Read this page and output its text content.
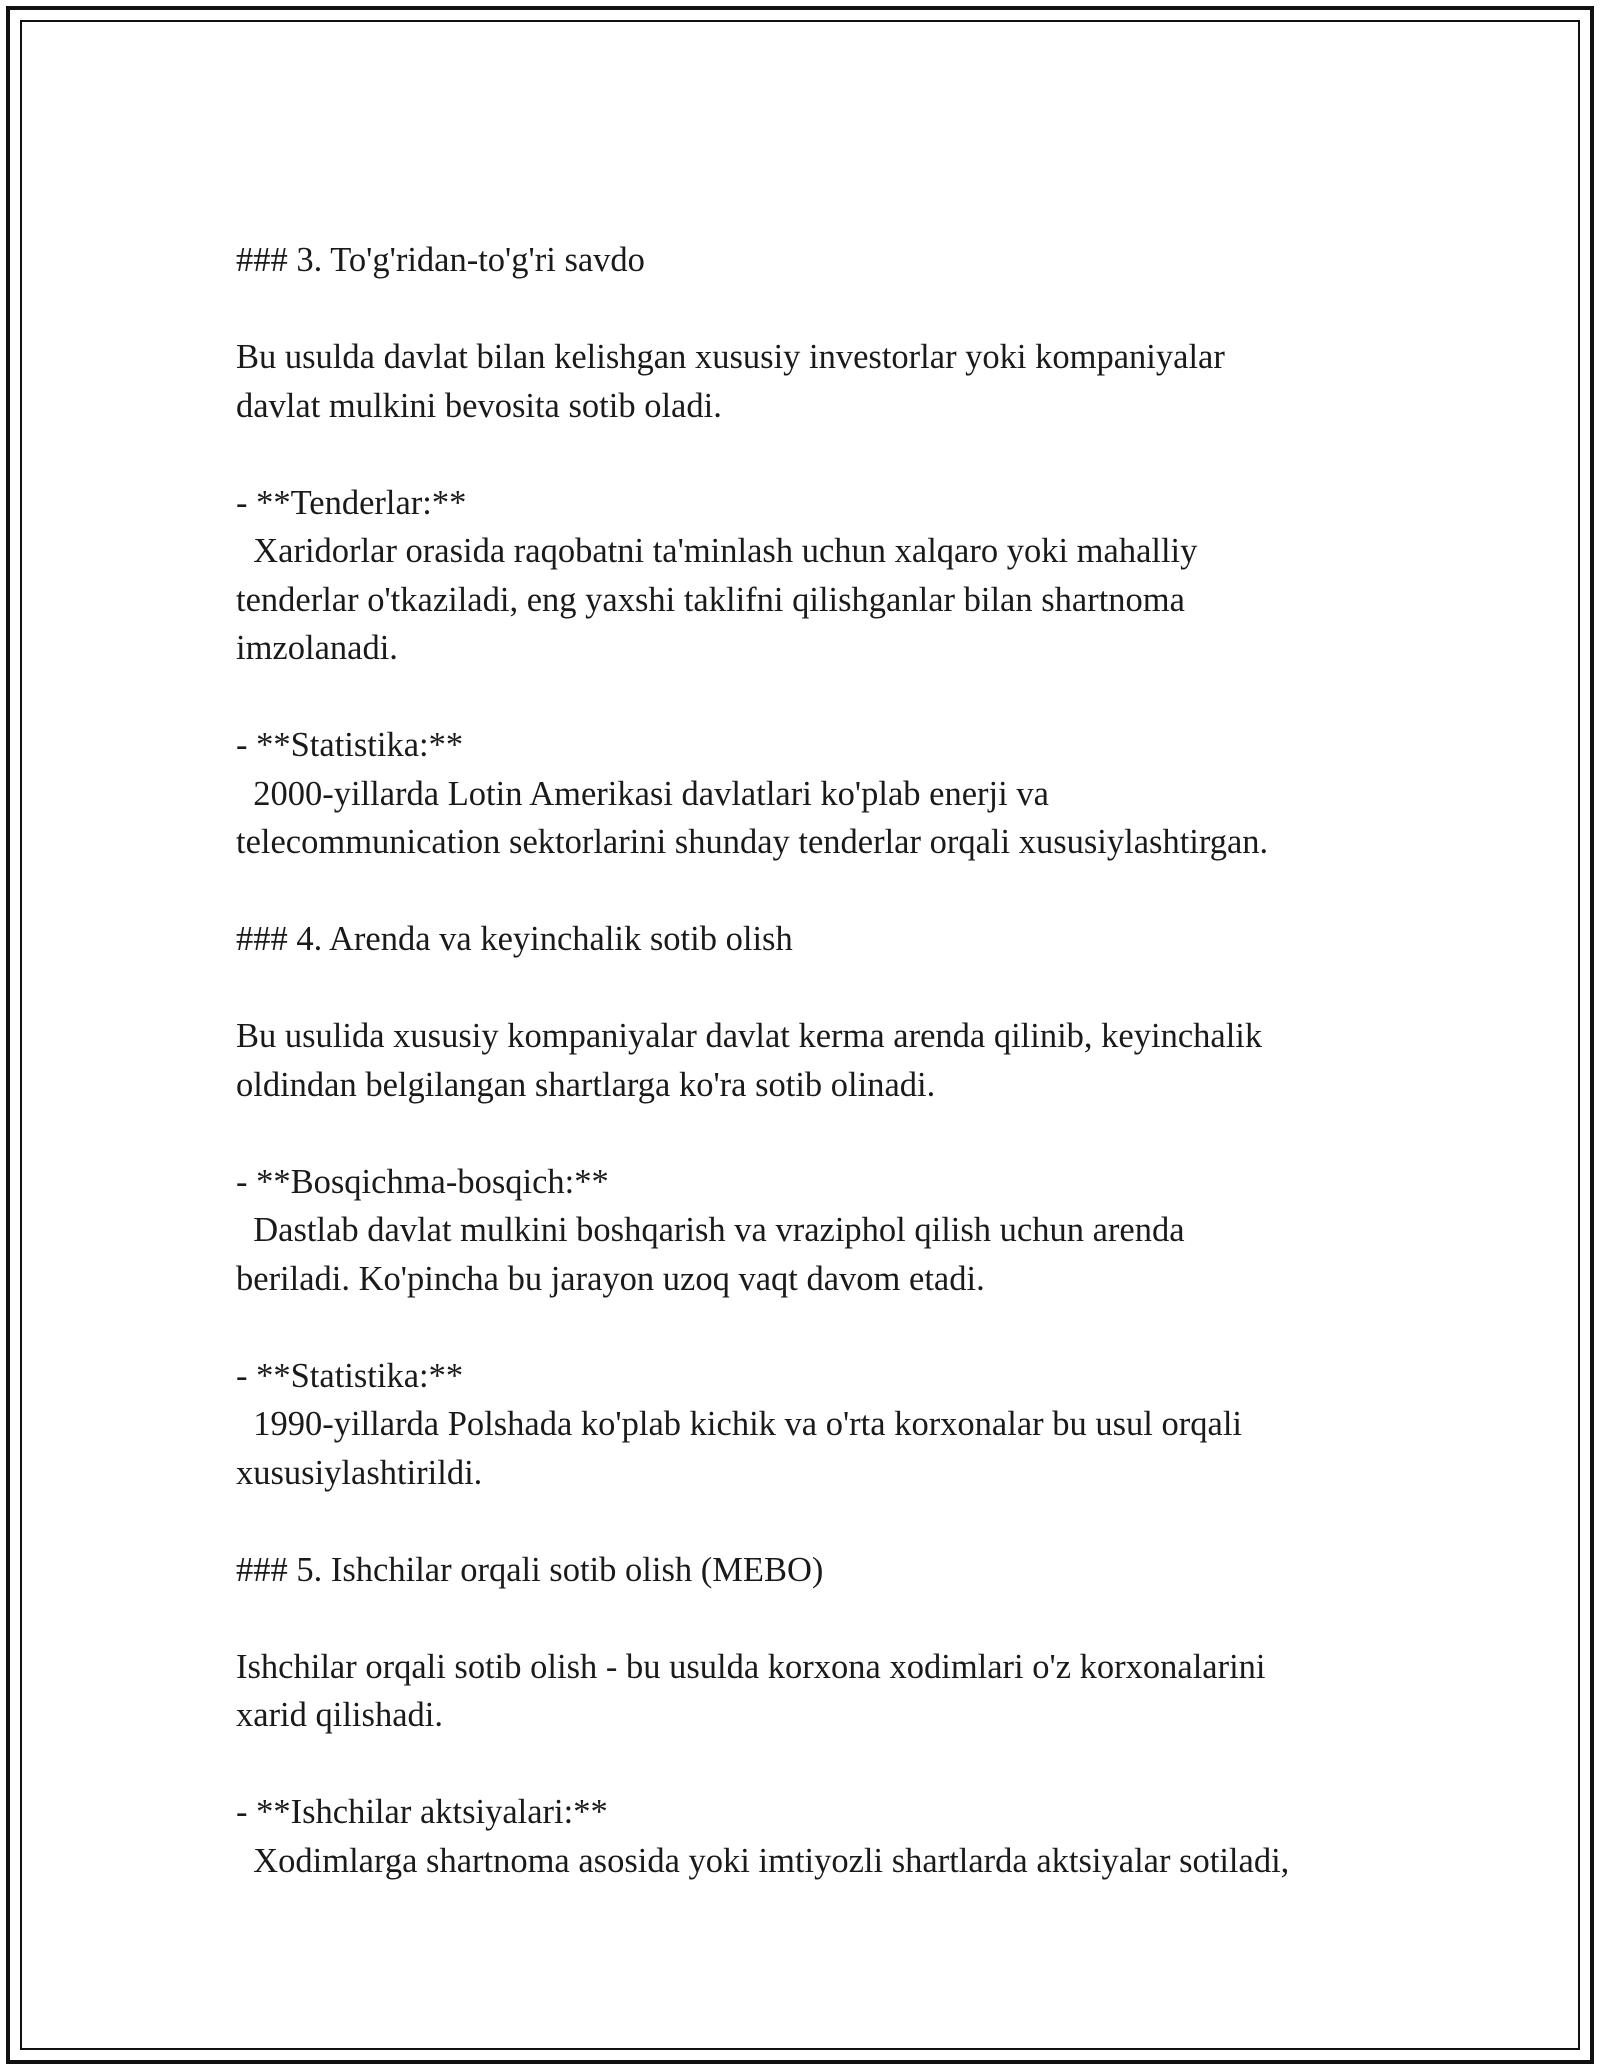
### 3. To'g'ridan-to'g'ri savdo
Bu usulda davlat bilan kelishgan xususiy investorlar yoki kompaniyalar
davlat mulkini bevosita sotib oladi.
- **Tenderlar:**
Xaridorlar orasida raqobatni ta'minlash uchun xalqaro yoki mahalliy
tenderlar o'tkaziladi, eng yaxshi taklifni qilishganlar bilan shartnoma
imzolanadi.
- **Statistika:**
2000-yillarda Lotin Amerikasi davlatlari ko'plab enerji va
telecommunication sektorlarini shunday tenderlar orqali xususiylashtirgan.
### 4. Arenda va keyinchalik sotib olish
Bu usulida xususiy kompaniyalar davlat kerma arenda qilinib, keyinchalik
oldindan belgilangan shartlarga ko'ra sotib olinadi.
- **Bosqichma-bosqich:**
Dastlab davlat mulkini boshqarish va vraziphol qilish uchun arenda
beriladi. Ko'pincha bu jarayon uzoq vaqt davom etadi.
- **Statistika:**
1990-yillarda Polshada ko'plab kichik va o'rta korxonalar bu usul orqali
xususiylashtirildi.
### 5. Ishchilar orqali sotib olish (MEBO)
Ishchilar orqali sotib olish - bu usulda korxona xodimlari o'z korxonalarini
xarid qilishadi.
- **Ishchilar aktsiyalari:**
Xodimlarga shartnoma asosida yoki imtiyozli shartlarda aktsiyalar sotiladi,
